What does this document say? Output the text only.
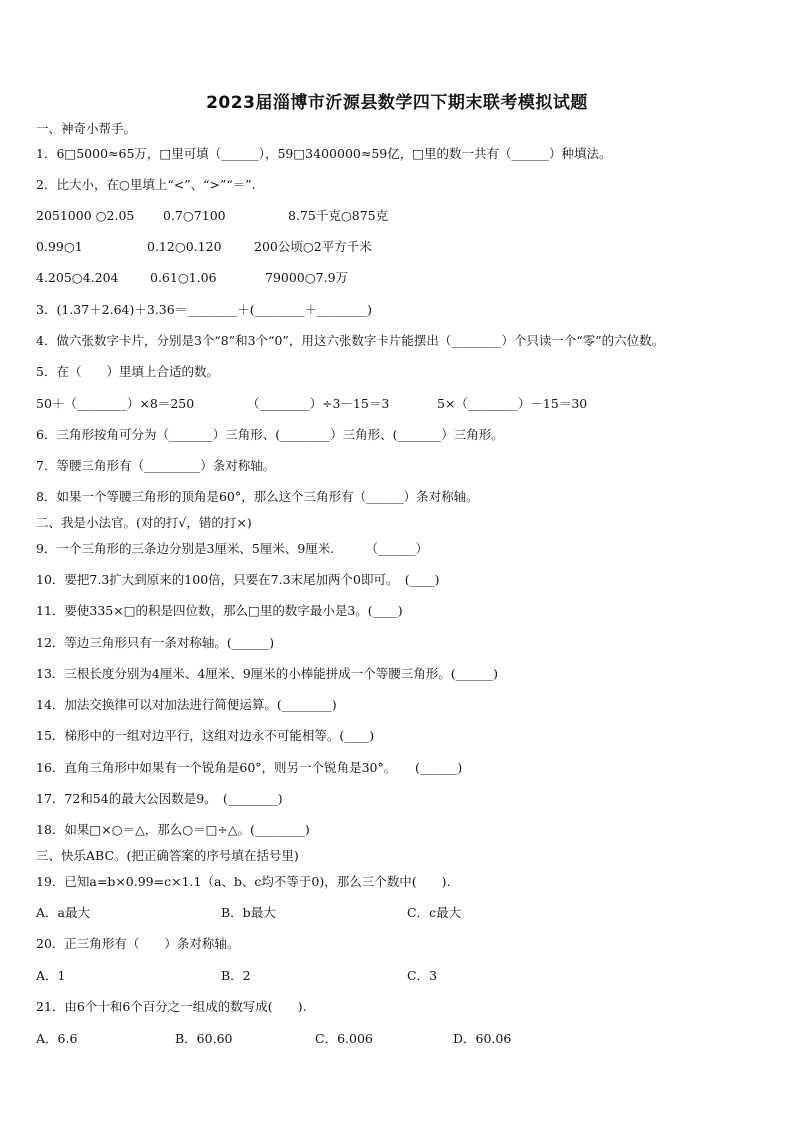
2023届淄博市沂源县数学四下期末联考模拟试题
一、神奇小帮手。
1．6□5000≈65万，□里可填（______），59□3400000≈59亿，□里的数一共有（______）种填法。
2．比大小，在○里填上“<”、“>”“＝”.
2051000 ○2.05 0.7○7100	8.75千克○875克
0.99○1	0.12○0.120	200公顷○2平方千米
4.205○4.204	0.61○1.06	79000○7.9万
3．(1.37＋2.64)＋3.36＝________＋(________＋________)
4．做六张数字卡片，分别是3个“8”和3个“0”，用这六张数字卡片能摆出（________）个只读一个“零”的六位数。
5．在（　　）里填上合适的数。
50＋（________）×8＝250	（________）÷3－15＝3	5×（________）－15＝30
6．三角形按角可分为（_______）三角形、(________）三角形、(_______）三角形。
7．等腰三角形有（_________）条对称轴。
8．如果一个等腰三角形的顶角是60°，那么这个三角形有（______）条对称轴。
二、我是小法官。(对的打√，错的打×)
9．一个三角形的三条边分别是3厘米、5厘米、9厘米.　　　（______）
10．要把7.3扩大到原来的100倍，只要在7.3末尾加两个0即可。　(____)
11．要使335×□的积是四位数，那么□里的数字最小是3。(____)
12．等边三角形只有一条对称轴。(______)
13．三根长度分别为4厘米、4厘米、9厘米的小棒能拼成一个等腰三角形。(______)
14．加法交换律可以对加法进行简便运算。(________)
15．梯形中的一组对边平行，这组对边永不可能相等。(____)
16．直角三角形中如果有一个锐角是60°，则另一个锐角是30°。　　(______)
17．72和54的最大公因数是9。　(________)
18．如果□×○＝△，那么○＝□÷△。(________)
三、快乐ABC。(把正确答案的序号填在括号里)
19．已知a=b×0.99=c×1.1（a、b、c均不等于0)，那么三个数中(　　).
A．a最大	B．b最大	C．c最大
20．正三角形有（　　）条对称轴。
A．1	B．2	C．3
21．由6个十和6个百分之一组成的数写成(　　).
A．6.6	B．60.60	C．6.006	D．60.06
